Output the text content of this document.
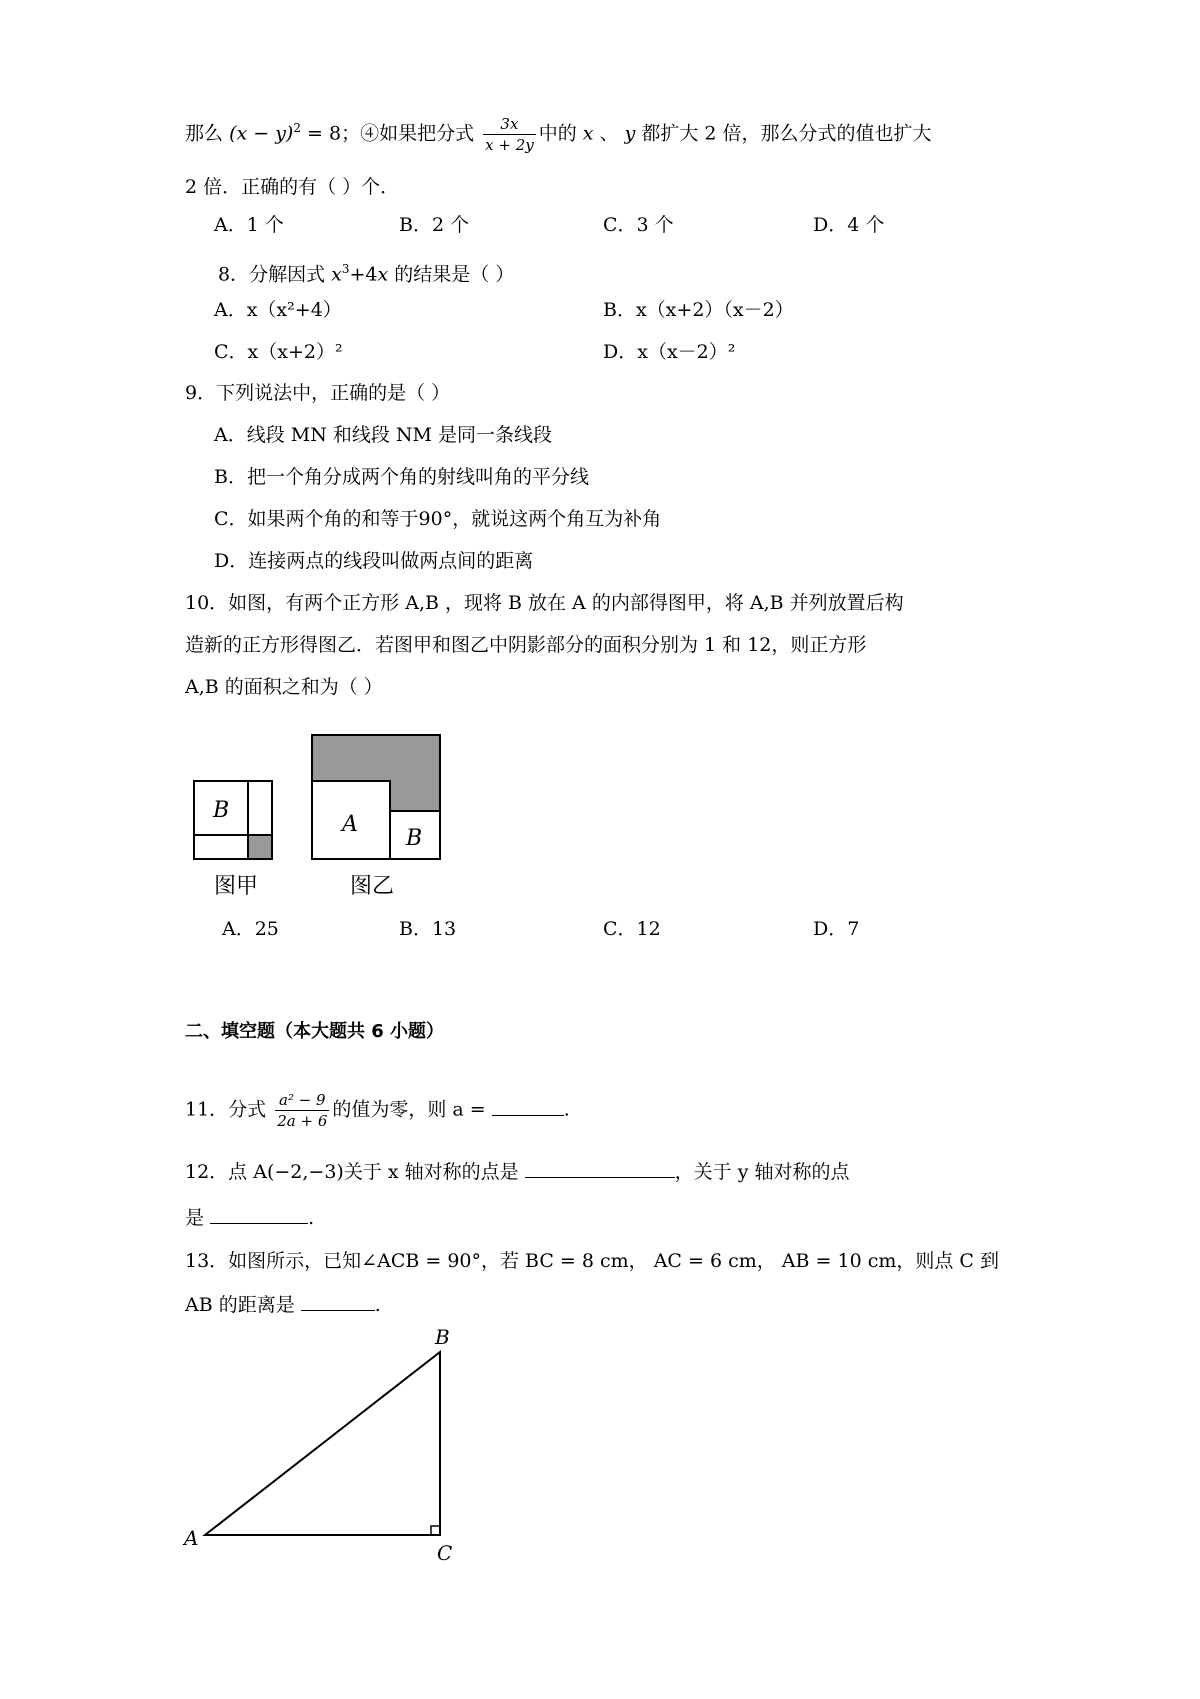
那么 $(x - y)^2 = 8$；④如果把分式 $\frac{3x}{x + 2y}$ 中的 x 、 y 都扩大 2 倍，那么分式的值也扩大
2 倍．正确的有（ ）个．
A．1 个	B．2 个	C．3 个	D．4 个
8．分解因式 $x^3+4x$ 的结果是（ ）
A．x（x²+4）	B．x（x+2）（x－2）
C．x（x+2）²	D．x（x－2）²
9．下列说法中，正确的是（ ）
A．线段 MN 和线段 NM 是同一条线段
B．把一个角分成两个角的射线叫角的平分线
C．如果两个角的和等于90°，就说这两个角互为补角
D．连接两点的线段叫做两点间的距离
10．如图，有两个正方形 A,B ，现将 B 放在 A 的内部得图甲，将 A,B 并列放置后构
造新的正方形得图乙．若图甲和图乙中阴影部分的面积分别为 1 和 12，则正方形
A,B 的面积之和为（ ）
B
图甲
A
B
图乙
A．25	B．13	C．12	D．7
二、填空题（本大题共 6 小题）
11．分式 $\frac{\text{a² − 9}}{2a + 6}$ 的值为零，则 a =	.
12．点 A(−2,−3)关于 x 轴对称的点是	，关于 y 轴对称的点
是	.
13．如图所示，已知∠ACB = 90°，若 BC = 8 cm， AC = 6 cm， AB = 10 cm，则点 C 到
AB 的距离是	.
A
B
C
